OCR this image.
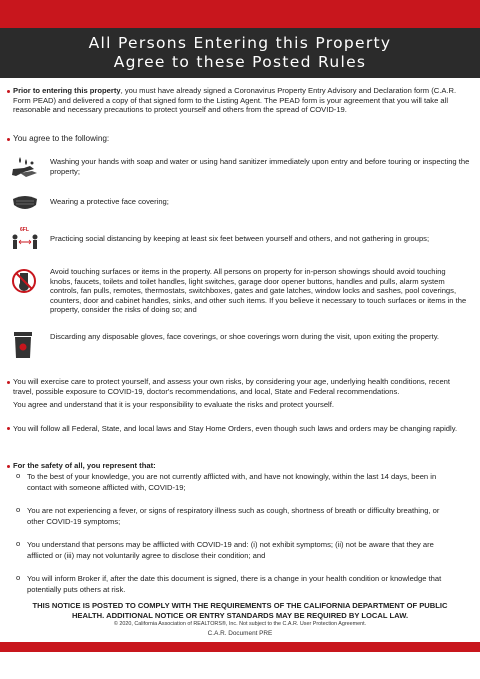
All Persons Entering this Property
Agree to these Posted Rules
Prior to entering this property, you must have already signed a Coronavirus Property Entry Advisory and Declaration form (C.A.R. Form PEAD) and delivered a copy of that signed form to the Listing Agent. The PEAD form is your agreement that you will take all reasonable and necessary precautions to protect yourself and others from the spread of COVID-19.
You agree to the following:
Washing your hands with soap and water or using hand sanitizer immediately upon entry and before touring or inspecting the property;
Wearing a protective face covering;
6FL
Practicing social distancing by keeping at least six feet between yourself and others, and not gathering in groups;
Avoid touching surfaces or items in the property. All persons on property for in-person showings should avoid touching knobs, faucets, toilets and toilet handles, light switches, garage door opener buttons, handles and pulls, alarm system controls, fan pulls, remotes, thermostats, switchboxes, gates and gate latches, window locks and sashes, pool coverings, counters, door and cabinet handles, sinks, and other such items. If you believe it necessary to touch surfaces or items in the property, consider the risks of doing so; and
Discarding any disposable gloves, face coverings, or shoe coverings worn during the visit, upon exiting the property.
You will exercise care to protect yourself, and assess your own risks, by considering your age, underlying health conditions, recent travel, possible exposure to COVID-19, doctor's recommendations, and local, State and Federal recommendations.
You agree and understand that it is your responsibility to evaluate the risks and protect yourself.
You will follow all Federal, State, and local laws and Stay Home Orders, even though such laws and orders may be changing rapidly.
For the safety of all, you represent that:
o To the best of your knowledge, you are not currently afflicted with, and have not knowingly, within the last 14 days, been in contact with someone afflicted with, COVID-19;
o You are not experiencing a fever, or signs of respiratory illness such as cough, shortness of breath or difficulty breathing, or other COVID-19 symptoms;
o You understand that persons may be afflicted with COVID-19 and: (i) not exhibit symptoms; (ii) not be aware that they are afflicted or (iii) may not voluntarily agree to disclose their condition; and
o You will inform Broker if, after the date this document is signed, there is a change in your health condition or knowledge that potentially puts others at risk.
THIS NOTICE IS POSTED TO COMPLY WITH THE REQUIREMENTS OF THE CALIFORNIA DEPARTMENT OF PUBLIC HEALTH. ADDITIONAL NOTICE OR ENTRY STANDARDS MAY BE REQUIRED BY LOCAL LAW.
© 2020, California Association of REALTORS®, Inc. Not subject to the C.A.R. User Protection Agreement.
C.A.R. Document PRE
